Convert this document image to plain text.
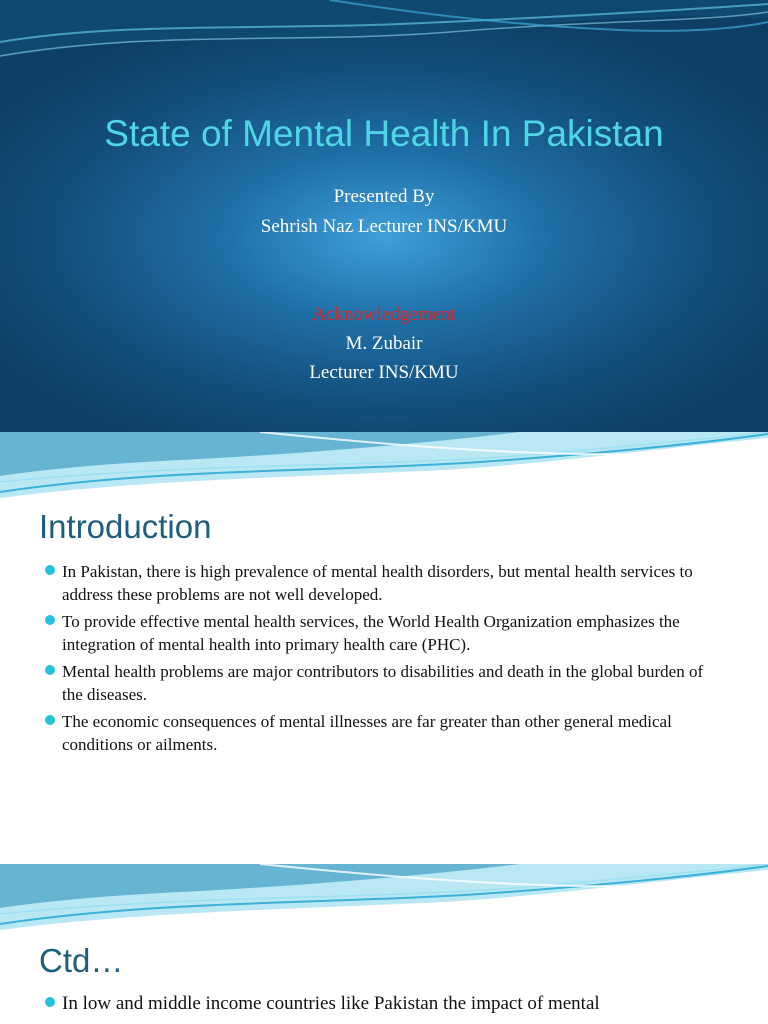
State of Mental Health In Pakistan
Presented By
Sehrish Naz Lecturer INS/KMU
Acknowledgement
M. Zubair
Lecturer INS/KMU
Introduction
In Pakistan, there is high prevalence of mental health disorders, but mental health services to address these problems are not well developed.
To provide effective mental health services, the World Health Organization emphasizes the integration of mental health into primary health care (PHC).
Mental health problems are major contributors to disabilities and death in the global burden of the diseases.
The economic consequences of mental illnesses are far greater than other general medical conditions or ailments.
Ctd…
In low and middle income countries like Pakistan the impact of mental
